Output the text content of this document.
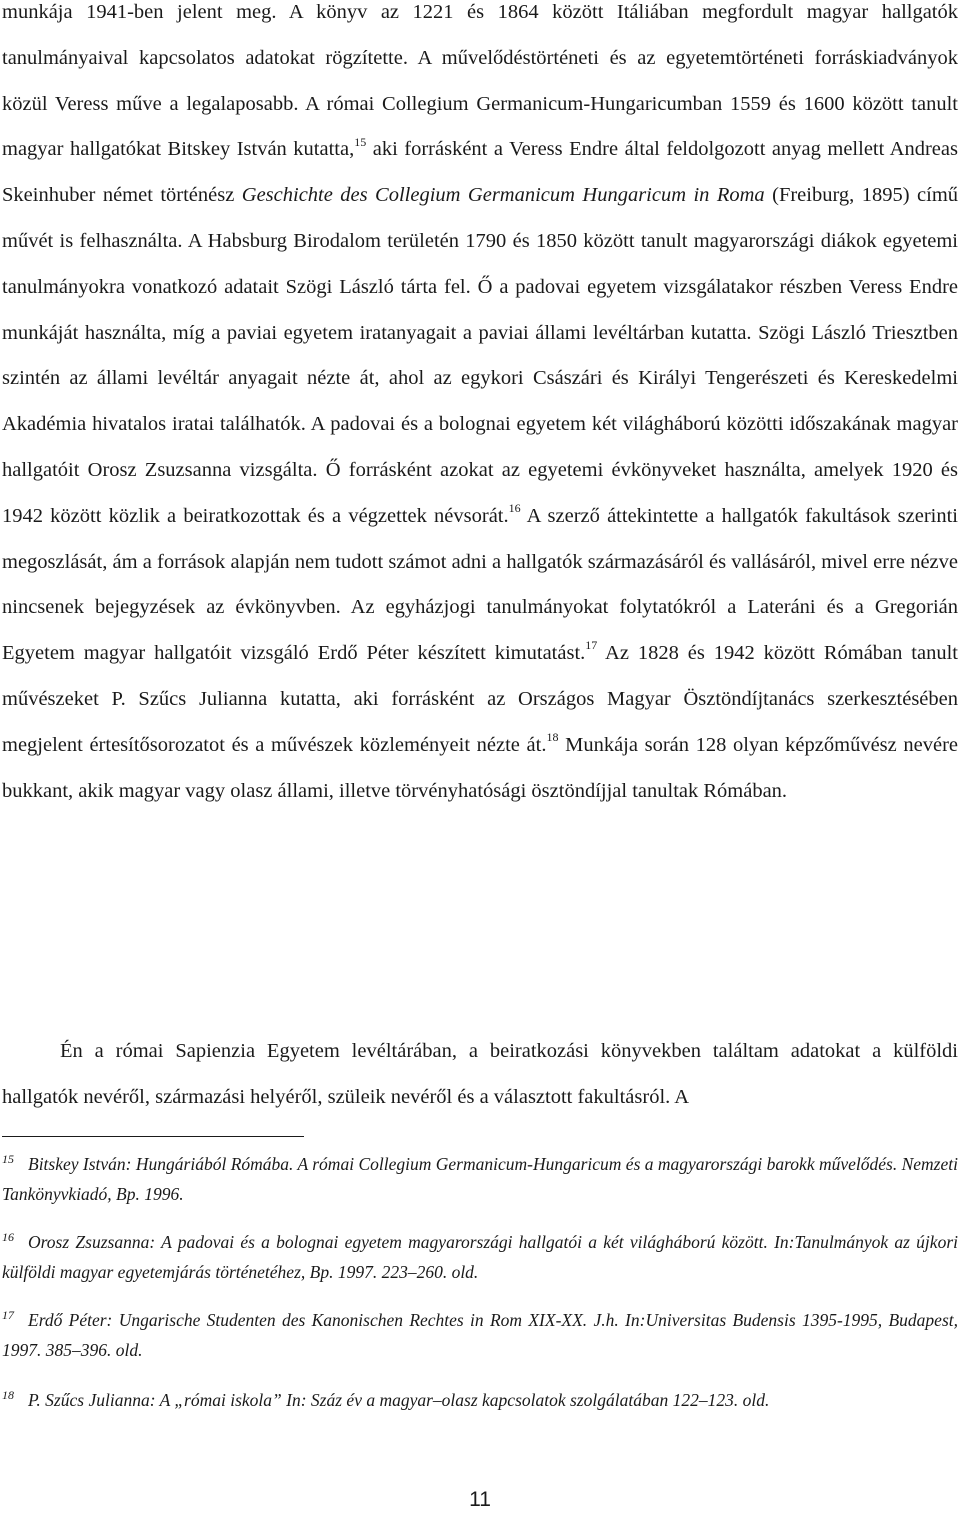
munkája 1941-ben jelent meg. A könyv az 1221 és 1864 között Itáliában megfordult magyar hallgatók tanulmányaival kapcsolatos adatokat rögzítette. A művelődéstörténeti és az egyetemtörténeti forráskiadványok közül Veress műve a legalaposabb. A római Collegium Germanicum-Hungaricumban 1559 és 1600 között tanult magyar hallgatókat Bitskey István kutatta,$^{15}$ aki forrásként a Veress Endre által feldolgozott anyag mellett Andreas Skeinhuber német történész Geschichte des Collegium Germanicum Hungaricum in Roma (Freiburg, 1895) című művét is felhasználta. A Habsburg Birodalom területén 1790 és 1850 között tanult magyarországi diákok egyetemi tanulmányokra vonatkozó adatait Szögi László tárta fel. Ő a padovai egyetem vizsgálatakor részben Veress Endre munkáját használta, míg a paviai egyetem iratanyagait a paviai állami levéltárban kutatta. Szögi László Triesztben szintén az állami levéltár anyagait nézte át, ahol az egykori Császári és Királyi Tengerészeti és Kereskedelmi Akadémia hivatalos iratai találhatók. A padovai és a bolognai egyetem két világháború közötti időszakának magyar hallgatóit Orosz Zsuzsanna vizsgálta. Ő forrásként azokat az egyetemi évkönyveket használta, amelyek 1920 és 1942 között közlik a beiratkozottak és a végzettek névsorát.$^{16}$ A szerző áttekintette a hallgatók fakultások szerinti megoszlását, ám a források alapján nem tudott számot adni a hallgatók származásáról és vallásáról, mivel erre nézve nincsenek bejegyzések az évkönyvben. Az egyházjogi tanulmányokat folytatókról a Lateráni és a Gregorián Egyetem magyar hallgatóit vizsgáló Erdő Péter készített kimutatást.$^{17}$ Az 1828 és 1942 között Rómában tanult művészeket P. Szűcs Julianna kutatta, aki forrásként az Országos Magyar Ösztöndíjtanács szerkesztésében megjelent értesítősorozatot és a művészek közleményeit nézte át.$^{18}$ Munkája során 128 olyan képzőművész nevére bukkant, akik magyar vagy olasz állami, illetve törvényhatósági ösztöndíjjal tanultak Rómában.

Én a római Sapienzia Egyetem levéltárában, a beiratkozási könyvekben találtam adatokat a külföldi hallgatók nevéről, származási helyéről, szüleik nevéről és a választott fakultásról. A

$^{15}$ Bitskey István: Hungáriából Rómába. A római Collegium Germanicum-Hungaricum és a magyarországi barokk művelődés. Nemzeti Tankönyvkiadó, Bp. 1996.

$^{16}$ Orosz Zsuzsanna: A padovai és a bolognai egyetem magyarországi hallgatói a két világháború között. In:Tanulmányok az újkori külföldi magyar egyetemjárás történetéhez, Bp. 1997. 223–260. old.

$^{17}$ Erdő Péter: Ungarische Studenten des Kanonischen Rechtes in Rom XIX-XX. J.h. In:Universitas Budensis 1395-1995, Budapest, 1997. 385–396. old.

$^{18}$ P. Szűcs Julianna: A „római iskola” In: Száz év a magyar–olasz kapcsolatok szolgálatában 122–123. old.

11
